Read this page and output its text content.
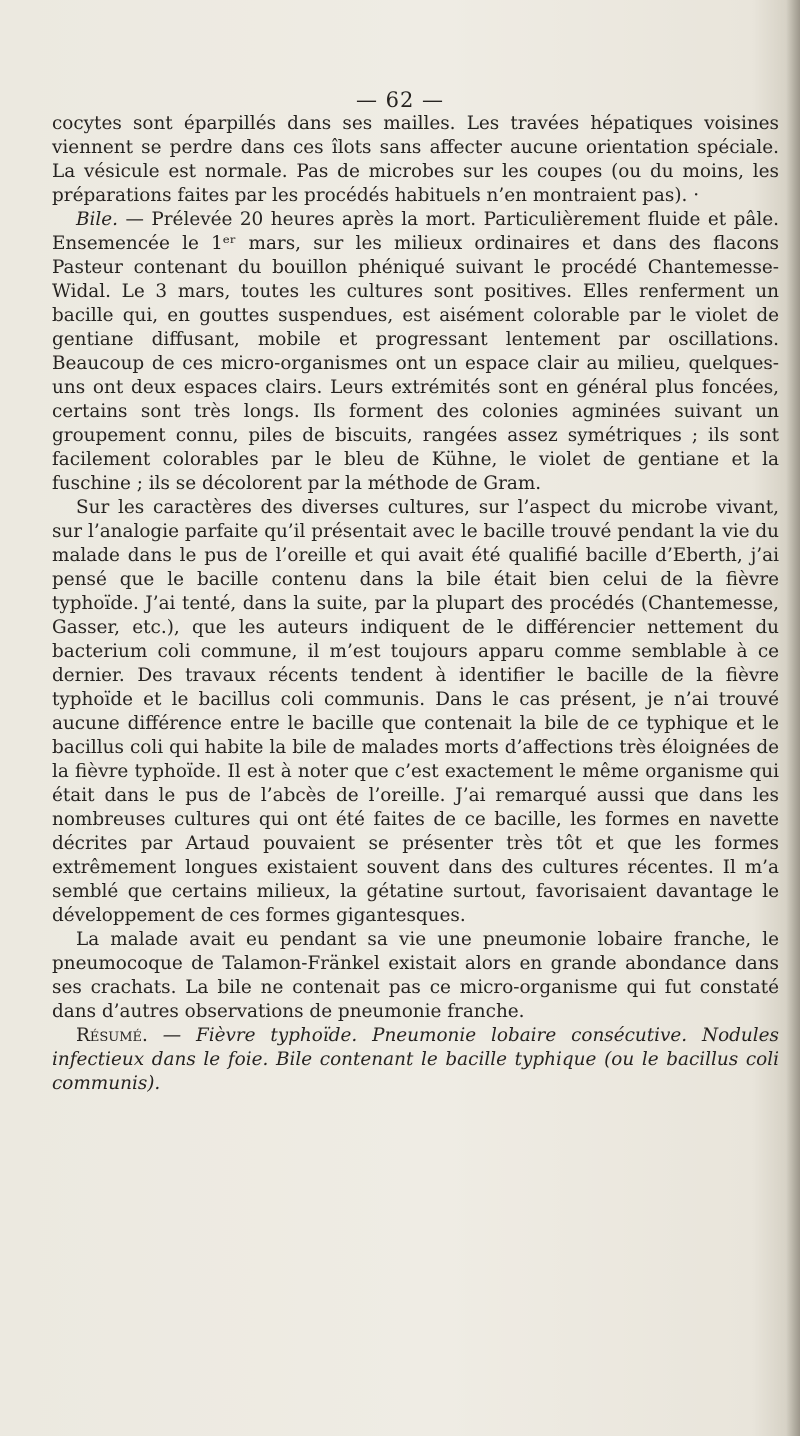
— 62 —

cocytes sont éparpillés dans ses mailles. Les travées hépatiques voisines viennent se perdre dans ces îlots sans affecter aucune orientation spéciale. La vésicule est normale. Pas de microbes sur les coupes (ou du moins, les préparations faites par les procédés habituels n’en montraient pas). ·

Bile. — Prélevée 20 heures après la mort. Particulièrement fluide et pâle. Ensemencée le 1ᵉʳ mars, sur les milieux ordinaires et dans des flacons Pasteur contenant du bouillon phéniqué suivant le procédé Chantemesse-Widal. Le 3 mars, toutes les cultures sont positives. Elles renferment un bacille qui, en gouttes suspendues, est aisément colorable par le violet de gentiane diffusant, mobile et progressant lentement par oscillations. Beaucoup de ces micro-organismes ont un espace clair au milieu, quelques-uns ont deux espaces clairs. Leurs extrémités sont en général plus foncées, certains sont très longs. Ils forment des colonies agminées suivant un groupement connu, piles de biscuits, rangées assez symétriques ; ils sont facilement colorables par le bleu de Kühne, le violet de gentiane et la fuschine ; ils se décolorent par la méthode de Gram.

Sur les caractères des diverses cultures, sur l’aspect du microbe vivant, sur l’analogie parfaite qu’il présentait avec le bacille trouvé pendant la vie du malade dans le pus de l’oreille et qui avait été qualifié bacille d’Eberth, j’ai pensé que le bacille contenu dans la bile était bien celui de la fièvre typhoïde. J’ai tenté, dans la suite, par la plupart des procédés (Chantemesse, Gasser, etc.), que les auteurs indiquent de le différencier nettement du bacterium coli commune, il m’est toujours apparu comme semblable à ce dernier. Des travaux récents tendent à identifier le bacille de la fièvre typhoïde et le bacillus coli communis. Dans le cas présent, je n’ai trouvé aucune différence entre le bacille que contenait la bile de ce typhique et le bacillus coli qui habite la bile de malades morts d’affections très éloignées de la fièvre typhoïde. Il est à noter que c’est exactement le même organisme qui était dans le pus de l’abcès de l’oreille. J’ai remarqué aussi que dans les nombreuses cultures qui ont été faites de ce bacille, les formes en navette décrites par Artaud pouvaient se présenter très tôt et que les formes extrêmement longues existaient souvent dans des cultures récentes. Il m’a semblé que certains milieux, la gétatine surtout, favorisaient davantage le développement de ces formes gigantesques.

La malade avait eu pendant sa vie une pneumonie lobaire franche, le pneumocoque de Talamon-Fränkel existait alors en grande abondance dans ses crachats. La bile ne contenait pas ce micro-organisme qui fut constaté dans d’autres observations de pneumonie franche.

Résumé. — Fièvre typhoïde. Pneumonie lobaire consécutive. Nodules infectieux dans le foie. Bile contenant le bacille typhique (ou le bacillus coli communis).
